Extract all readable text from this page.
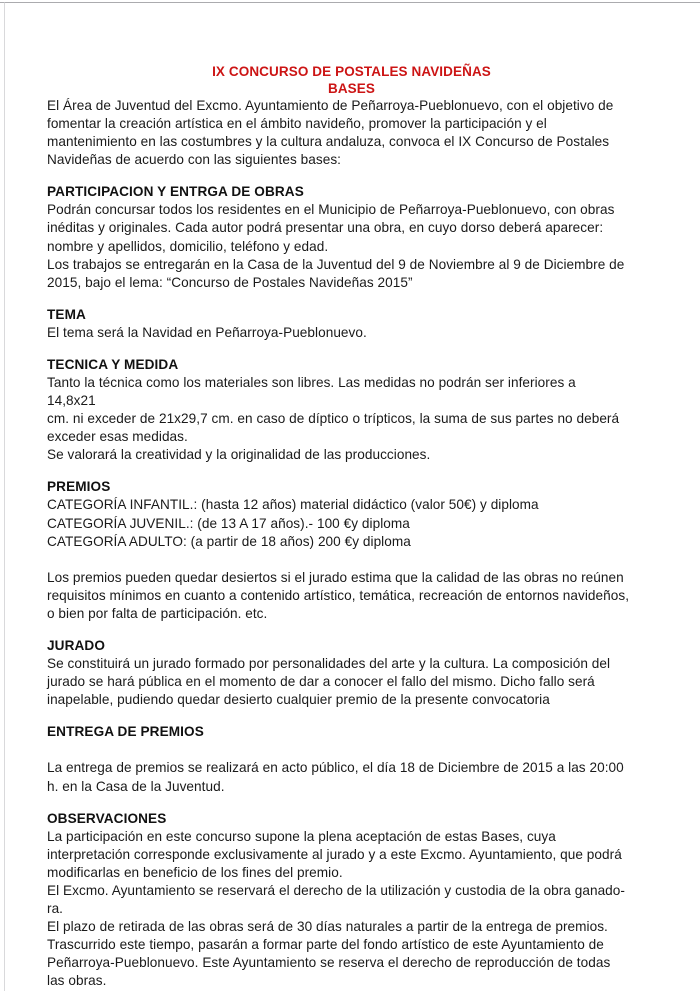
IX CONCURSO DE POSTALES NAVIDEÑAS
BASES
El Área de Juventud del Excmo. Ayuntamiento de Peñarroya-Pueblonuevo, con el objetivo de
fomentar la creación artística en el ámbito navideño, promover la participación y el
mantenimiento en las costumbres y la cultura andaluza, convoca el IX Concurso de Postales
Navideñas de acuerdo con las siguientes bases:
PARTICIPACION Y ENTRGA DE OBRAS
Podrán concursar todos los residentes en el Municipio de Peñarroya-Pueblonuevo, con obras
inéditas y originales. Cada autor podrá presentar una obra, en cuyo dorso deberá aparecer:
nombre y apellidos, domicilio, teléfono y edad.
Los trabajos se entregarán en la Casa de la Juventud del 9 de Noviembre al 9 de Diciembre de
2015, bajo el lema: “Concurso de Postales Navideñas 2015”
TEMA
El tema será la Navidad en Peñarroya-Pueblonuevo.
TECNICA Y MEDIDA
Tanto la técnica como los materiales son libres. Las medidas no podrán ser inferiores a
14,8x21
cm. ni exceder de 21x29,7 cm. en caso de díptico o trípticos, la suma de sus partes no deberá
exceder esas medidas.
Se valorará la creatividad y la originalidad de las producciones.
PREMIOS
CATEGORÍA INFANTIL.: (hasta 12 años) material didáctico (valor 50€) y diploma
CATEGORÍA JUVENIL.: (de 13 A 17 años).- 100 €y diploma
CATEGORÍA ADULTO: (a partir de 18 años) 200 €y diploma
Los premios pueden quedar desiertos si el jurado estima que la calidad de las obras no reúnen
requisitos mínimos en cuanto a contenido artístico, temática, recreación de entornos navideños,
o bien por falta de participación. etc.
JURADO
Se constituirá un jurado formado por personalidades del arte y la cultura. La composición del
jurado se hará pública en el momento de dar a conocer el fallo del mismo. Dicho fallo será
inapelable, pudiendo quedar desierto cualquier premio de la presente convocatoria
ENTREGA DE PREMIOS
La entrega de premios se realizará en acto público, el día 18 de Diciembre de 2015 a las 20:00
h. en la Casa de la Juventud.
OBSERVACIONES
La participación en este concurso supone la plena aceptación de estas Bases, cuya
interpretación corresponde exclusivamente al jurado y a este Excmo. Ayuntamiento, que podrá
modificarlas en beneficio de los fines del premio.
El Excmo. Ayuntamiento se reservará el derecho de la utilización y custodia de la obra ganado-
ra.
El plazo de retirada de las obras será de 30 días naturales a partir de la entrega de premios.
Trascurrido este tiempo, pasarán a formar parte del fondo artístico de este Ayuntamiento de
Peñarroya-Pueblonuevo. Este Ayuntamiento se reserva el derecho de reproducción de todas
las obras.
